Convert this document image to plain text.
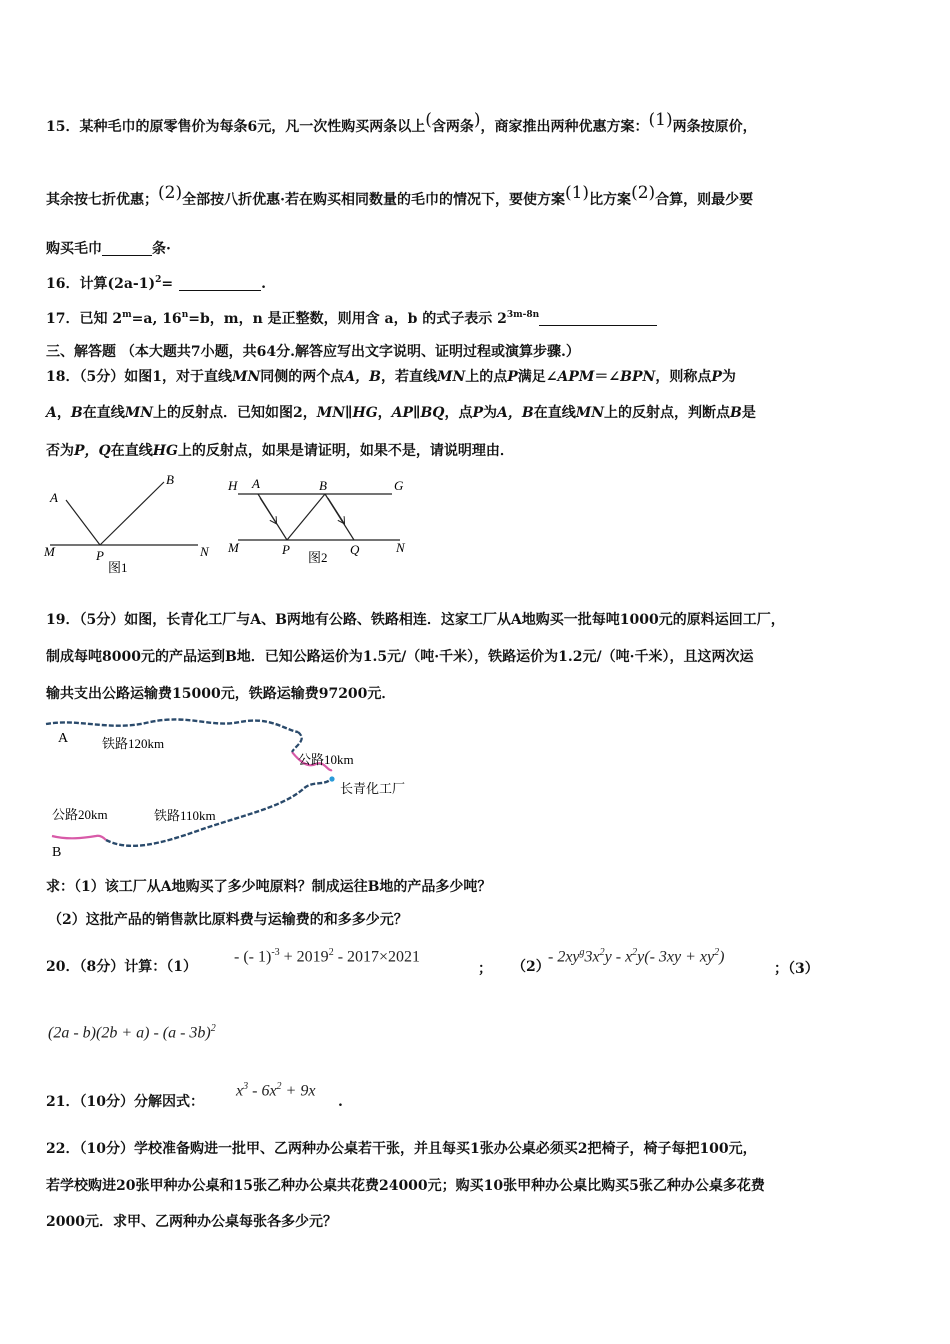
15．某种毛巾的原零售价为每条6元，凡一次性购买两条以上(含两条)，商家推出两种优惠方案：(1)两条按原价，
其余按七折优惠；(2)全部按八折优惠·若在购买相同数量的毛巾的情况下，要使方案(1)比方案(2)合算，则最少要
购买毛巾	条·
16．计算$(2a-1)^2=$	.
17．已知 $2^m=a$, $16^n=b$，m，n 是正整数，则用含 a，b 的式子表示 $2^{3m-8n}$
三、解答题 （本大题共7小题，共64分.解答应写出文字说明、证明过程或演算步骤.）
18．（5分）如图1，对于直线MN同侧的两个点A，B，若直线MN上的点P满足∠APM＝∠BPN，则称点P为
A，B在直线MN上的反射点．已知如图2，MN∥HG，AP∥BQ，点P为A，B在直线MN上的反射点，判断点B是
否为P，Q在直线HG上的反射点，如果是请证明，如果不是，请说明理由．
A
B
M	P	N
图1
H A	B	G
M	P
图2
Q	N
19．（5分）如图，长青化工厂与A、B两地有公路、铁路相连．这家工厂从A地购买一批每吨1000元的原料运回工厂，
制成每吨8000元的产品运到B地．已知公路运价为1.5元/（吨·千米），铁路运价为1.2元/（吨·千米），且这两次运
输共支出公路运输费15000元，铁路运输费97200元．
A	铁路120km
公路10km
长青化工厂
公路20km	铁路110km
B
求：（1）该工厂从A地购买了多少吨原料？制成运往B地的产品多少吨？
（2）这批产品的销售款比原料费与运输费的和多多少元？
20．（8分）计算：（1）
- (- $1)^{-3} + 2019^2 - 2017\times 2021$
； （2）
- $2xy^g3x^2y - x^2y(-$ $3xy + xy^2$)
；（3）
(2a - b)(2b + a) - (a - 3b)$^2$
21．（10分）分解因式：
$x^3 - 6x^2 + 9x$
.
22．（10分）学校准备购进一批甲、乙两种办公桌若干张，并且每买1张办公桌必须买2把椅子，椅子每把100元，
若学校购进20张甲种办公桌和15张乙种办公桌共花费24000元；购买10张甲种办公桌比购买5张乙种办公桌多花费
2000元．求甲、乙两种办公桌每张各多少元？
